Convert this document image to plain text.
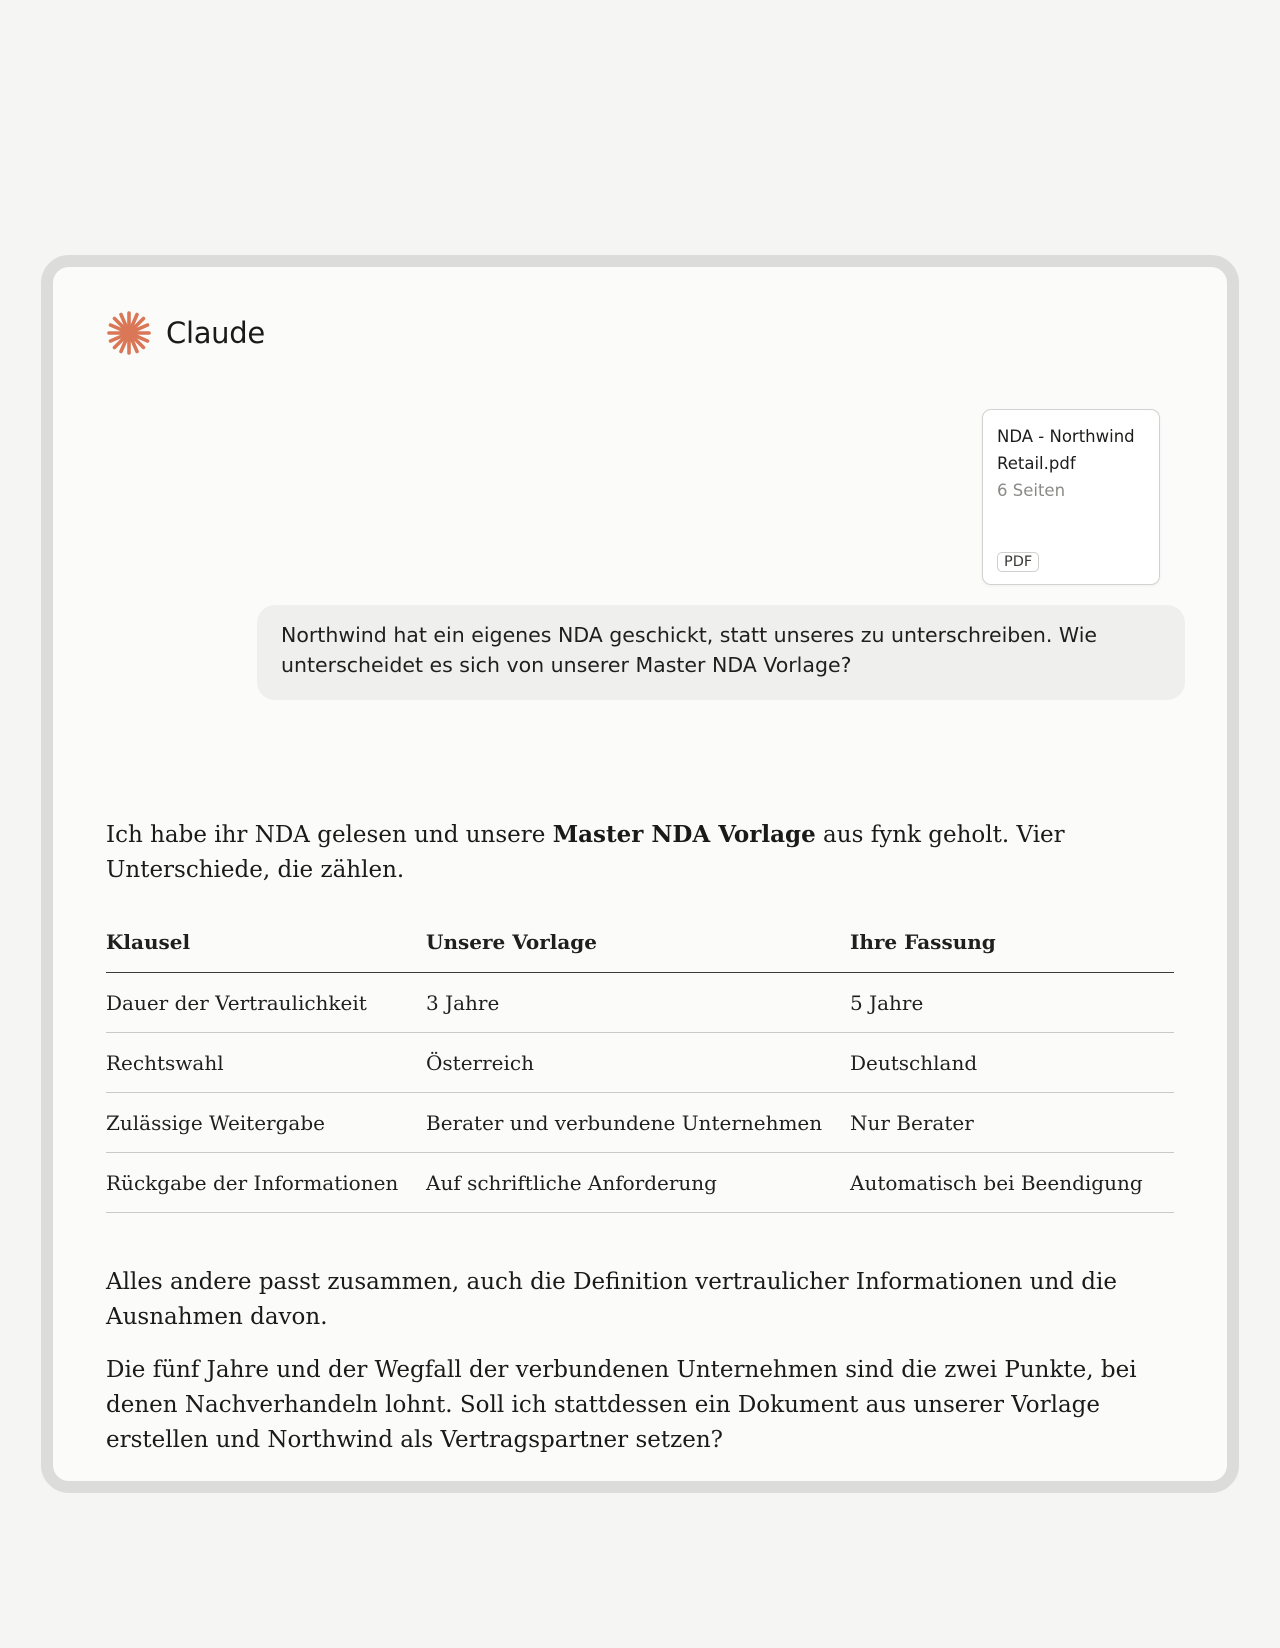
Claude
NDA - Northwind
Retail.pdf
6 Seiten
PDF
Northwind hat ein eigenes NDA geschickt, statt unseres zu unterschreiben. Wie unterscheidet es sich von unserer Master NDA Vorlage?

Ich habe ihr NDA gelesen und unsere Master NDA Vorlage aus fynk geholt. Vier Unterschiede, die zählen.

Klausel	Unsere Vorlage	Ihre Fassung
Dauer der Vertraulichkeit	3 Jahre	5 Jahre
Rechtswahl	Österreich	Deutschland
Zulässige Weitergabe	Berater und verbundene Unternehmen	Nur Berater
Rückgabe der Informationen	Auf schriftliche Anforderung	Automatisch bei Beendigung

Alles andere passt zusammen, auch die Definition vertraulicher Informationen und die Ausnahmen davon.

Die fünf Jahre und der Wegfall der verbundenen Unternehmen sind die zwei Punkte, bei denen Nachverhandeln lohnt. Soll ich stattdessen ein Dokument aus unserer Vorlage erstellen und Northwind als Vertragspartner setzen?
